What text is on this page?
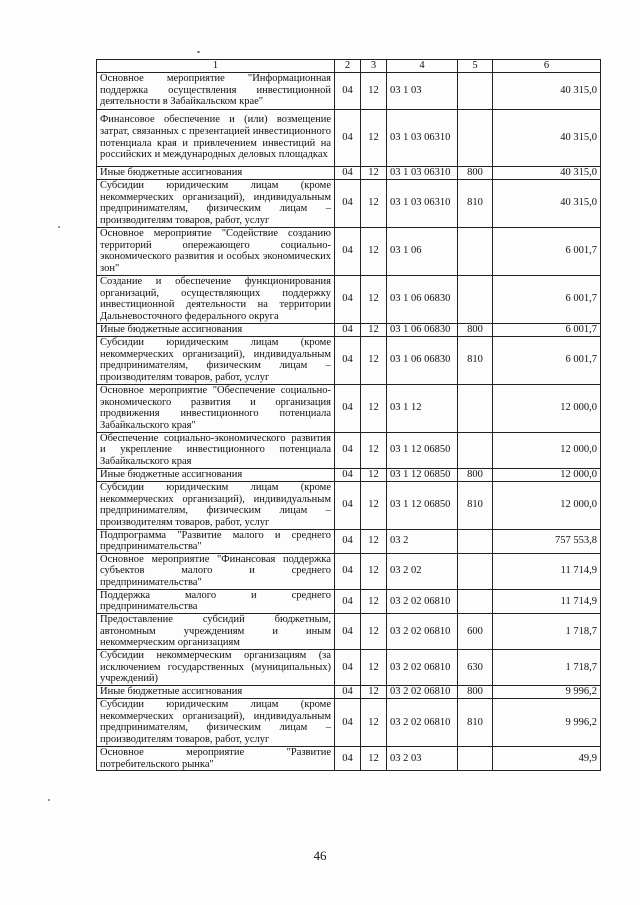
1	2	3	4	5	6
Основное мероприятие "Информационная поддержка осуществления инвестиционной деятельности в Забайкальском крае"	04	12	03 1 03		40 315,0
Финансовое обеспечение и (или) возмещение затрат, связанных с презентацией инвестиционного потенциала края и привлечением инвестиций на российских и международных деловых площадках	04	12	03 1 03 06310		40 315,0
Иные бюджетные ассигнования	04	12	03 1 03 06310	800	40 315,0
Субсидии юридическим лицам (кроме некоммерческих организаций), индивидуальным предпринимателям, физическим лицам – производителям товаров, работ, услуг	04	12	03 1 03 06310	810	40 315,0
Основное мероприятие "Содействие созданию территорий опережающего социально-экономического развития и особых экономических зон"	04	12	03 1 06		6 001,7
Создание и обеспечение функционирования организаций, осуществляющих поддержку инвестиционной деятельности на территории Дальневосточного федерального округа	04	12	03 1 06 06830		6 001,7
Иные бюджетные ассигнования	04	12	03 1 06 06830	800	6 001,7
Субсидии юридическим лицам (кроме некоммерческих организаций), индивидуальным предпринимателям, физическим лицам – производителям товаров, работ, услуг	04	12	03 1 06 06830	810	6 001,7
Основное мероприятие "Обеспечение социально-экономического развития и организация продвижения инвестиционного потенциала Забайкальского края"	04	12	03 1 12		12 000,0
Обеспечение социально-экономического развития и укрепление инвестиционного потенциала Забайкальского края	04	12	03 1 12 06850		12 000,0
Иные бюджетные ассигнования	04	12	03 1 12 06850	800	12 000,0
Субсидии юридическим лицам (кроме некоммерческих организаций), индивидуальным предпринимателям, физическим лицам – производителям товаров, работ, услуг	04	12	03 1 12 06850	810	12 000,0
Подпрограмма "Развитие малого и среднего предпринимательства"	04	12	03 2		757 553,8
Основное мероприятие "Финансовая поддержка субъектов малого и среднего предпринимательства"	04	12	03 2 02		11 714,9
Поддержка малого и среднего предпринимательства	04	12	03 2 02 06810		11 714,9
Предоставление субсидий бюджетным, автономным учреждениям и иным некоммерческим организациям	04	12	03 2 02 06810	600	1 718,7
Субсидии некоммерческим организациям (за исключением государственных (муниципальных) учреждений)	04	12	03 2 02 06810	630	1 718,7
Иные бюджетные ассигнования	04	12	03 2 02 06810	800	9 996,2
Субсидии юридическим лицам (кроме некоммерческих организаций), индивидуальным предпринимателям, физическим лицам – производителям товаров, работ, услуг	04	12	03 2 02 06810	810	9 996,2
Основное мероприятие "Развитие потребительского рынка"	04	12	03 2 03		49,9
46
